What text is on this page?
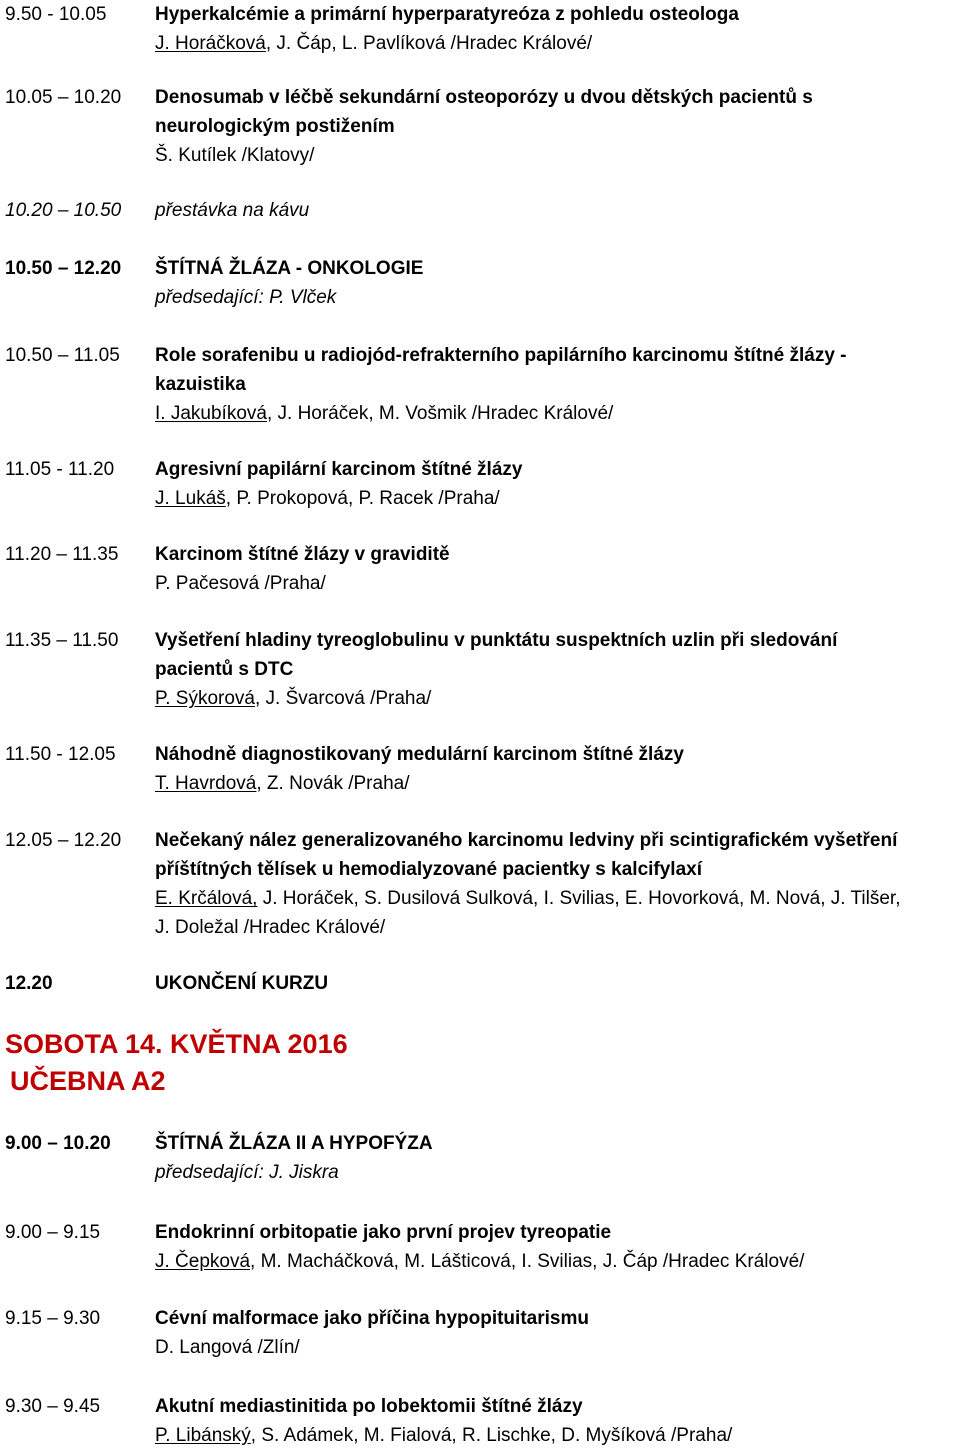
9.50 - 10.05	Hyperkalcémie a primární hyperparatyreóza z pohledu osteologa
J. Horáčková, J. Čáp, L. Pavlíková /Hradec Králové/
10.05 – 10.20 Denosumab v léčbě sekundární osteoporózy u dvou dětských pacientů s
neurologickým postižením
Š. Kutílek /Klatovy/
10.20 – 10.50 přestávka na kávu
10.50 – 12.20 ŠTÍTNÁ ŽLÁZA - ONKOLOGIE
předsedající: P. Vlček
10.50 – 11.05 Role sorafenibu u radiojód-refrakterního papilárního karcinomu štítné žlázy -
kazuistika
I. Jakubíková, J. Horáček, M. Vošmik /Hradec Králové/
11.05 - 11.20 Agresivní papilární karcinom štítné žlázy
J. Lukáš, P. Prokopová, P. Racek /Praha/
11.20 – 11.35 Karcinom štítné žlázy v graviditě
P. Pačesová /Praha/
11.35 – 11.50 Vyšetření hladiny tyreoglobulinu v punktátu suspektních uzlin při sledování
pacientů s DTC
P. Sýkorová, J. Švarcová /Praha/
11.50 - 12.05 Náhodně diagnostikovaný medulární karcinom štítné žlázy
T. Havrdová, Z. Novák /Praha/
12.05 – 12.20 Nečekaný nález generalizovaného karcinomu ledviny při scintigrafickém vyšetření
příštítných tělísek u hemodialyzované pacientky s kalcifylaxí
E. Krčálová, J. Horáček, S. Dusilová Sulková, I. Svilias, E. Hovorková, M. Nová, J. Tilšer,
J. Doležal /Hradec Králové/
12.20	UKONČENÍ KURZU
SOBOTA 14. KVĚTNA 2016
UČEBNA A2
9.00 – 10.20 ŠTÍTNÁ ŽLÁZA II A HYPOFÝZA
předsedající: J. Jiskra
9.00 – 9.15	Endokrinní orbitopatie jako první projev tyreopatie
J. Čepková, M. Macháčková, M. Lášticová, I. Svilias, J. Čáp /Hradec Králové/
9.15 – 9.30	Cévní malformace jako příčina hypopituitarismu
D. Langová /Zlín/
9.30 – 9.45	Akutní mediastinitida po lobektomii štítné žlázy
P. Libánský, S. Adámek, M. Fialová, R. Lischke, D. Myšíková /Praha/
